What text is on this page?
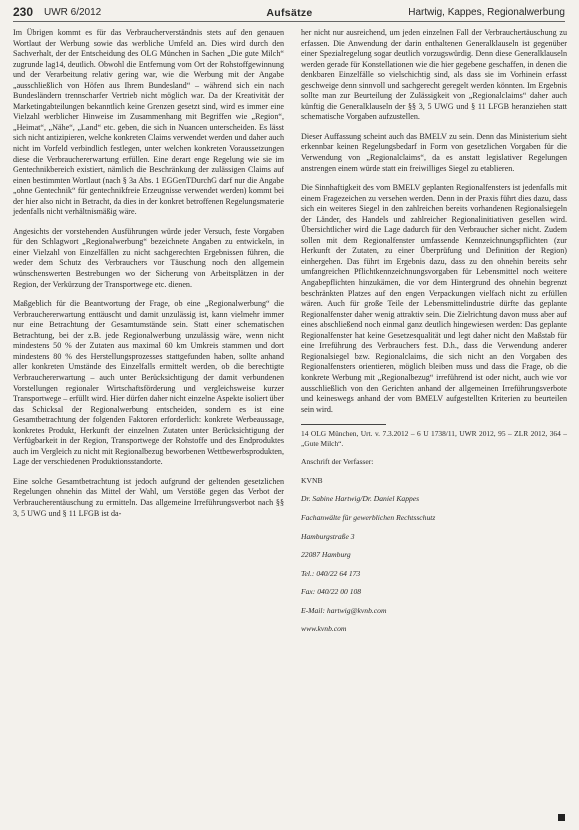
230 UWR 6/2012	Aufsätze	Hartwig, Kappes, Regionalwerbung

Im Übrigen kommt es für das Verbraucherverständnis stets auf den genauen Wortlaut der Werbung sowie das werbliche Umfeld an. Dies wird durch den Sachverhalt, der der Entscheidung des OLG München in Sachen „Die gute Milch“ zugrunde lag14, deutlich. Obwohl die Entfernung vom Ort der Rohstoffgewinnung und der Verarbeitung relativ gering war, wie die Werbung mit der Angabe „ausschließlich von Höfen aus Ihrem Bundesland“ – während sich ein nach Bundesländern trennscharfer Vertrieb nicht möglich war. Da der Kreativität der Marketingabteilungen bekanntlich keine Grenzen gesetzt sind, wird es immer eine Vielzahl werblicher Hinweise im Zusammenhang mit Begriffen wie „Region“, „Heimat“, „Nähe“, „Land“ etc. geben, die sich in Nuancen unterscheiden. Es lässt sich nicht antizipieren, welche konkreten Claims verwendet werden und daher auch nicht im Vorfeld verbindlich festlegen, unter welchen konkreten Voraussetzungen diese die Verbrauchererwartung erfüllen. Eine derart enge Regelung wie sie im Gentechnikbereich existiert, nämlich die Beschränkung der zulässigen Claims auf einen bestimmten Wortlaut (nach § 3a Abs. 1 EGGenTDurchG darf nur die Angabe „ohne Gentechnik“ für gentechnikfreie Erzeugnisse verwendet werden) kommt bei der hier also nicht in Betracht, da dies in der konkret betroffenen Regelungsmaterie jedenfalls nicht verhältnismäßig wäre.

Angesichts der vorstehenden Ausführungen würde jeder Versuch, feste Vorgaben für den Schlagwort „Regionalwerbung“ bezeichnete Angaben zu entwickeln, in einer Vielzahl von Einzelfällen zu nicht sachgerechten Ergebnissen führen, die weder dem Schutz des Verbrauchers vor Täuschung noch den allgemein wünschenswerten Bestrebungen wo der Sicherung von Arbeitsplätzen in der Region, der Verkürzung der Transportwege etc. dienen.

Maßgeblich für die Beantwortung der Frage, ob eine „Regionalwerbung“ die Verbrauchererwartung enttäuscht und damit unzulässig ist, kann vielmehr immer nur eine Betrachtung der Gesamtumstände sein. Statt einer schematischen Betrachtung, bei der z.B. jede Regionalwerbung unzulässig wäre, wenn nicht mindestens 50 % der Zutaten aus maximal 60 km Umkreis stammen und dort mindestens 80 % des Herstellungsprozesses stattgefunden haben, sollte anhand aller konkreten Umstände des Einzelfalls ermittelt werden, ob die berechtigte Verbrauchererwartung – auch unter Berücksichtigung der damit verbundenen Vorstellungen regionaler Wirtschaftsförderung und vergleichsweise kurzer Transportwege – erfüllt wird. Hier dürfen daher nicht einzelne Aspekte isoliert über das Schicksal der Regionalwerbung entscheiden, sondern es ist eine Gesamtbetrachtung der folgenden Faktoren erforderlich: konkrete Werbeaussage, konkretes Produkt, Herkunft der einzelnen Zutaten unter Berücksichtigung der Verfügbarkeit in der Region, Transportwege der Rohstoffe und des Endproduktes auch im Vergleich zu nicht mit Regionalbezug beworbenen Wettbewerbsprodukten, Lage der verschiedenen Produktionsstandorte.

Eine solche Gesamtbetrachtung ist jedoch aufgrund der geltenden gesetzlichen Regelungen ohnehin das Mittel der Wahl, um Verstöße gegen das Verbot der Verbraucherentäuschung zu ermitteln. Das allgemeine Irreführungsverbot nach §§ 3, 5 UWG und § 11 LFGB ist da-

her nicht nur ausreichend, um jeden einzelnen Fall der Verbrauchertäuschung zu erfassen. Die Anwendung der darin enthaltenen Generalklauseln ist gegenüber einer Spezialregelung sogar deutlich vorzugswürdig. Denn diese Generalklauseln werden gerade für Konstellationen wie die hier gegebene geschaffen, in denen die denkbaren Einzelfälle so vielschichtig sind, als dass sie im Vorhinein erfasst geschweige denn sinnvoll und sachgerecht geregelt werden könnten. Im Ergebnis sollte man zur Beurteilung der Zulässigkeit von „Regionalclaims“ daher auch künftig die Generalklauseln der §§ 3, 5 UWG und § 11 LFGB heranziehen statt schematische Vorgaben aufzustellen.

Dieser Auffassung scheint auch das BMELV zu sein. Denn das Ministerium sieht erkennbar keinen Regelungsbedarf in Form von gesetzlichen Vorgaben für die Verwendung von „Regionalclaims“, da es anstatt legislativer Regelungen anstrengen einem würde statt ein freiwilliges Siegel zu etablieren.

Die Sinnhaftigkeit des vom BMELV geplanten Regionalfensters ist jedenfalls mit einem Fragezeichen zu versehen werden. Denn in der Praxis führt dies dazu, dass sich ein weiteres Siegel in den zahlreichen bereits vorhandenen Regionalsiegeln der Länder, des Handels und zahlreicher Regionalinitiativen gesellen wird. Übersichtlicher wird die Lage dadurch für den Verbraucher sicher nicht. Zudem sollen mit dem Regionalfenster umfassende Kennzeichnungspflichten (zur Herkunft der Zutaten, zu einer Überprüfung und Definition der Region) einhergehen. Das führt im Ergebnis dazu, dass zu den ohnehin bereits sehr umfangreichen Pflichtkennzeichnungsvorgaben für Lebensmittel noch weitere Angabepflichten hinzukämen, die vor dem Hintergrund des ohnehin begrenzt beschränkten Platzes auf den engen Verpackungen vielfach nicht zu erfüllen wären. Auch für große Teile der Lebensmittelindustrie dürfte das geplante Regionalfenster daher wenig attraktiv sein. Die Zielrichtung davon muss aber auf eines abschließend noch einmal ganz deutlich hingewiesen werden: Das geplante Regionalfenster hat keine Gesetzesqualität und legt daher nicht den Maßstab für eine Irreführung des Verbrauchers fest. D.h., dass die Verwendung anderer Regionalsiegel bzw. Regionalclaims, die sich nicht an den Vorgaben des Regionalfensters orientieren, möglich bleiben muss und dass die Frage, ob die konkrete Werbung mit „Regionalbezug“ irreführend ist oder nicht, auch wie vor ausschließlich von den Gerichten anhand der allgemeinen Irreführungsverbote und keineswegs anhand der vom BMELV aufgestellten Kriterien zu beurteilen sein wird.

14 OLG München, Urt. v. 7.3.2012 – 6 U 1738/11, UWR 2012, 95 – ZLR 2012, 364 – „Gute Milch“.

Anschrift der Verfasser:

KVNB

Dr. Sabine Hartwig/Dr. Daniel Kappes

Fachanwälte für gewerblichen Rechtsschutz

Hamburgstraße 3

22087 Hamburg

Tel.: 040/22 64 173

Fax: 040/22 00 108

E-Mail: hartwig@kvnb.com

www.kvnb.com
